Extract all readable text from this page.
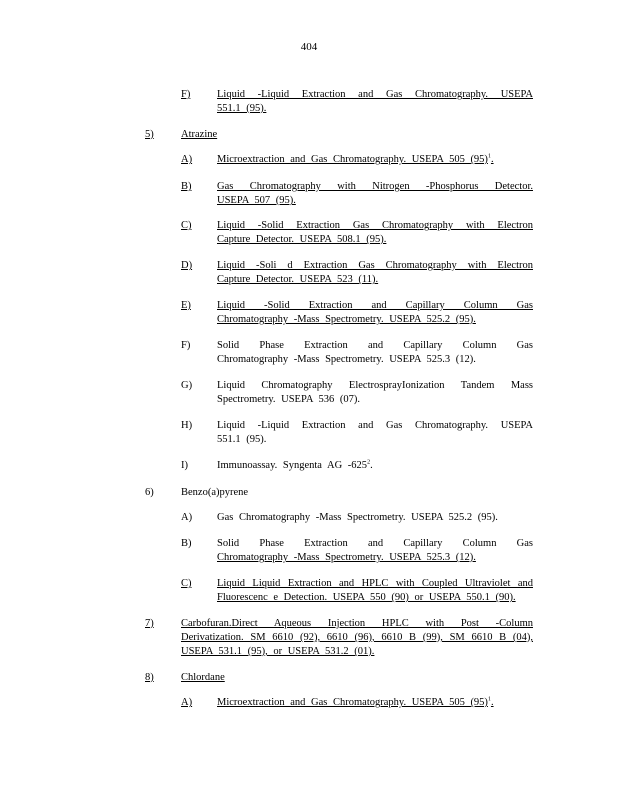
404
F)	Liquid -Liquid Extraction and Gas Chromatography. USEPA
551.1 (95).
5)	Atrazine
A) Microextraction and Gas Chromatography. USEPA 505 $(95)^1$.
B) Gas Chromatography with Nitrogen -Phosphorus Detector.
USEPA 507 (95).
C) Liquid -Solid Extraction Gas Chromatography with Electron
Capture Detector. USEPA 508.1 (95).
D) Liquid -Soli d Extraction Gas Chromatography with Electron
Capture Detector. USEPA 523 (11).
E) Liquid -Solid Extraction and Capillary Column Gas
Chromatography -Mass Spectrometry. USEPA 525.2 (95).
F)	Solid Phase Extraction and Capillary Column Gas
Chromatography -Mass Spectrometry. USEPA 525.3 (12).
G) Liquid Chromatography ElectrosprayIonization Tandem Mass
Spectrometry. USEPA 536 (07).
H) Liquid -Liquid Extraction and Gas Chromatography. USEPA
551.1 (95).
I)	Immunoassay. Syngenta AG $-625^2$.
6)	Benzo(a)pyrene
A) Gas Chromatography -Mass Spectrometry. USEPA 525.2 (95).
B) Solid Phase Extraction and Capillary Column Gas
Chromatography -Mass Spectrometry. USEPA 525.3 (12).
C) Liquid Liquid Extraction and HPLC with Coupled Ultraviolet and
Fluorescenc e Detection. USEPA 550 (90) or USEPA 550.1 (90).
7)	Carbofuran.Direct Aqueous Injection HPLC with Post -Column
Derivatization. SM 6610 (92), 6610 (96), 6610 B (99), SM 6610 B (04),
USEPA 531.1 (95), or USEPA 531.2 (01).
8)	Chlordane
A) Microextraction and Gas Chromatography. USEPA 505 $(95)^1$.
